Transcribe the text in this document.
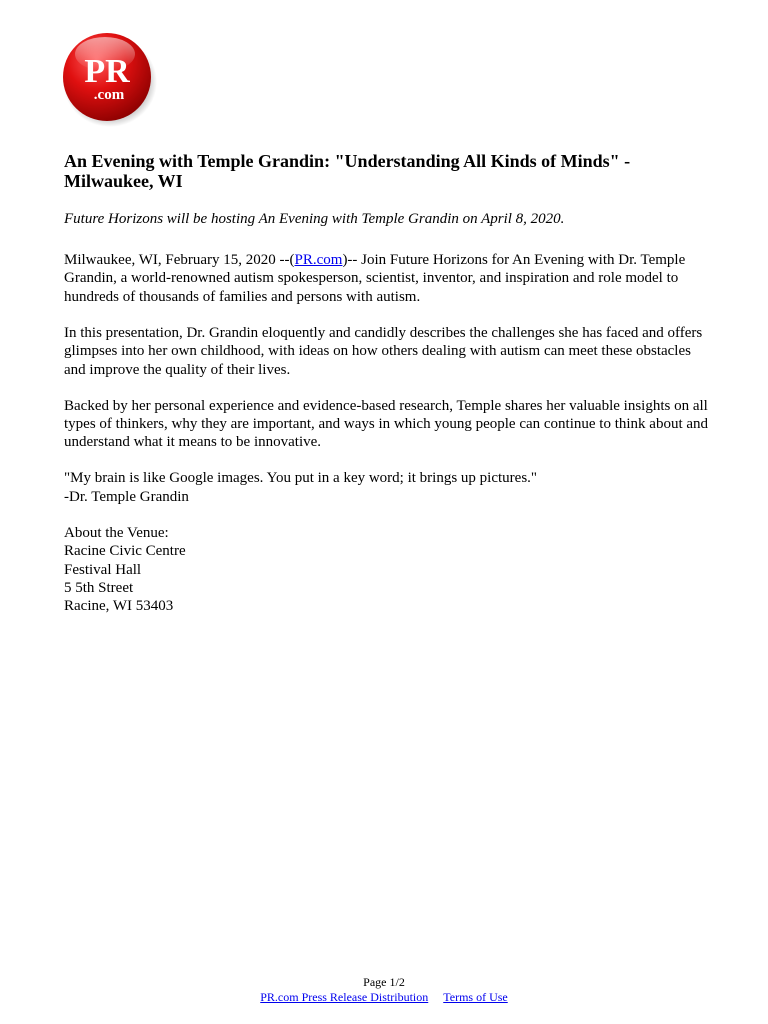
PR
.com
An Evening with Temple Grandin: "Understanding All Kinds of Minds" - Milwaukee, WI

Future Horizons will be hosting An Evening with Temple Grandin on April 8, 2020.

Milwaukee, WI, February 15, 2020 --(PR.com)-- Join Future Horizons for An Evening with Dr. Temple Grandin, a world-renowned autism spokesperson, scientist, inventor, and inspiration and role model to hundreds of thousands of families and persons with autism.

In this presentation, Dr. Grandin eloquently and candidly describes the challenges she has faced and offers glimpses into her own childhood, with ideas on how others dealing with autism can meet these obstacles and improve the quality of their lives.

Backed by her personal experience and evidence-based research, Temple shares her valuable insights on all types of thinkers, why they are important, and ways in which young people can continue to think about and understand what it means to be innovative.

"My brain is like Google images. You put in a key word; it brings up pictures."

-Dr. Temple Grandin

About the Venue:

Racine Civic Centre

Festival Hall

5 5th Street

Racine, WI 53403

Page 1/2
PR.com Press Release Distribution Terms of Use
